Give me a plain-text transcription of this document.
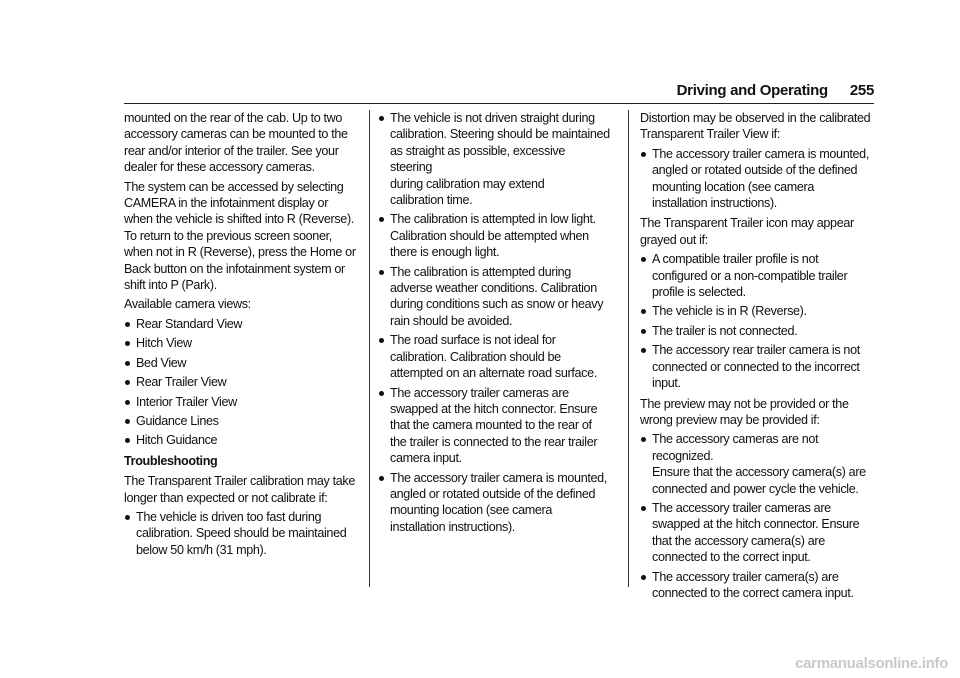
Driving and Operating 255

mounted on the rear of the cab. Up to two
accessory cameras can be mounted to the
rear and/or interior of the trailer. See your
dealer for these accessory cameras.

The system can be accessed by selecting
CAMERA in the infotainment display or
when the vehicle is shifted into R (Reverse).
To return to the previous screen sooner,
when not in R (Reverse), press the Home or
Back button on the infotainment system or
shift into P (Park).

Available camera views:

Rear Standard View
Hitch View
Bed View
Rear Trailer View
Interior Trailer View
Guidance Lines
Hitch Guidance
Troubleshooting

The Transparent Trailer calibration may take
longer than expected or not calibrate if:

The vehicle is driven too fast during
calibration. Speed should be maintained
below 50 km/h (31 mph).
The vehicle is not driven straight during
calibration. Steering should be maintained
as straight as possible, excessive steering
during calibration may extend
calibration time.
The calibration is attempted in low light.
Calibration should be attempted when
there is enough light.
The calibration is attempted during
adverse weather conditions. Calibration
during conditions such as snow or heavy
rain should be avoided.
The road surface is not ideal for
calibration. Calibration should be
attempted on an alternate road surface.
The accessory trailer cameras are
swapped at the hitch connector. Ensure
that the camera mounted to the rear of
the trailer is connected to the rear trailer
camera input.
The accessory trailer camera is mounted,
angled or rotated outside of the defined
mounting location (see camera
installation instructions).

Distortion may be observed in the calibrated
Transparent Trailer View if:

The accessory trailer camera is mounted,
angled or rotated outside of the defined
mounting location (see camera
installation instructions).

The Transparent Trailer icon may appear
grayed out if:

A compatible trailer profile is not
configured or a non-compatible trailer
profile is selected.
The vehicle is in R (Reverse).
The trailer is not connected.
The accessory rear trailer camera is not
connected or connected to the incorrect
input.

The preview may not be provided or the
wrong preview may be provided if:

The accessory cameras are not recognized.
Ensure that the accessory camera(s) are
connected and power cycle the vehicle.
The accessory trailer cameras are
swapped at the hitch connector. Ensure
that the accessory camera(s) are
connected to the correct input.
The accessory trailer camera(s) are
connected to the correct camera input.
carmanualsonline.info
